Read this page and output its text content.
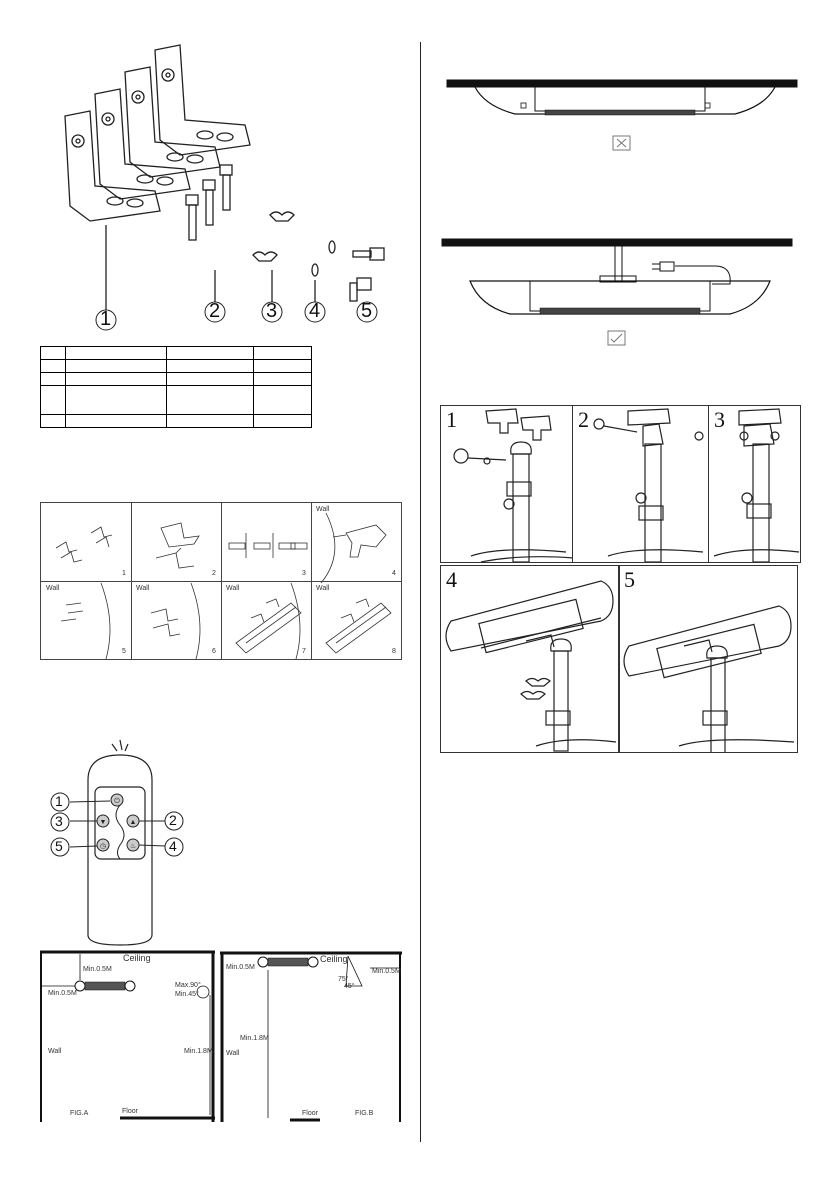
1	2 3 4 5

1	2	3	4
5	6	7	8
Wall
Wall	Wall	Wall	Wall
⏻
▼	▲
◷	♨
1
3
5
2
4
Ceiling
Min.0.5M
Min.0.5M
Max.90°
Min.45°
Min.1.8M
Wall
Floor
FIG.A
Ceiling
Min.0.5M
Min.0.5M
75°
45°
Min.1.8M
Wall
Floor	FIG.B
1	2	3
4	5
